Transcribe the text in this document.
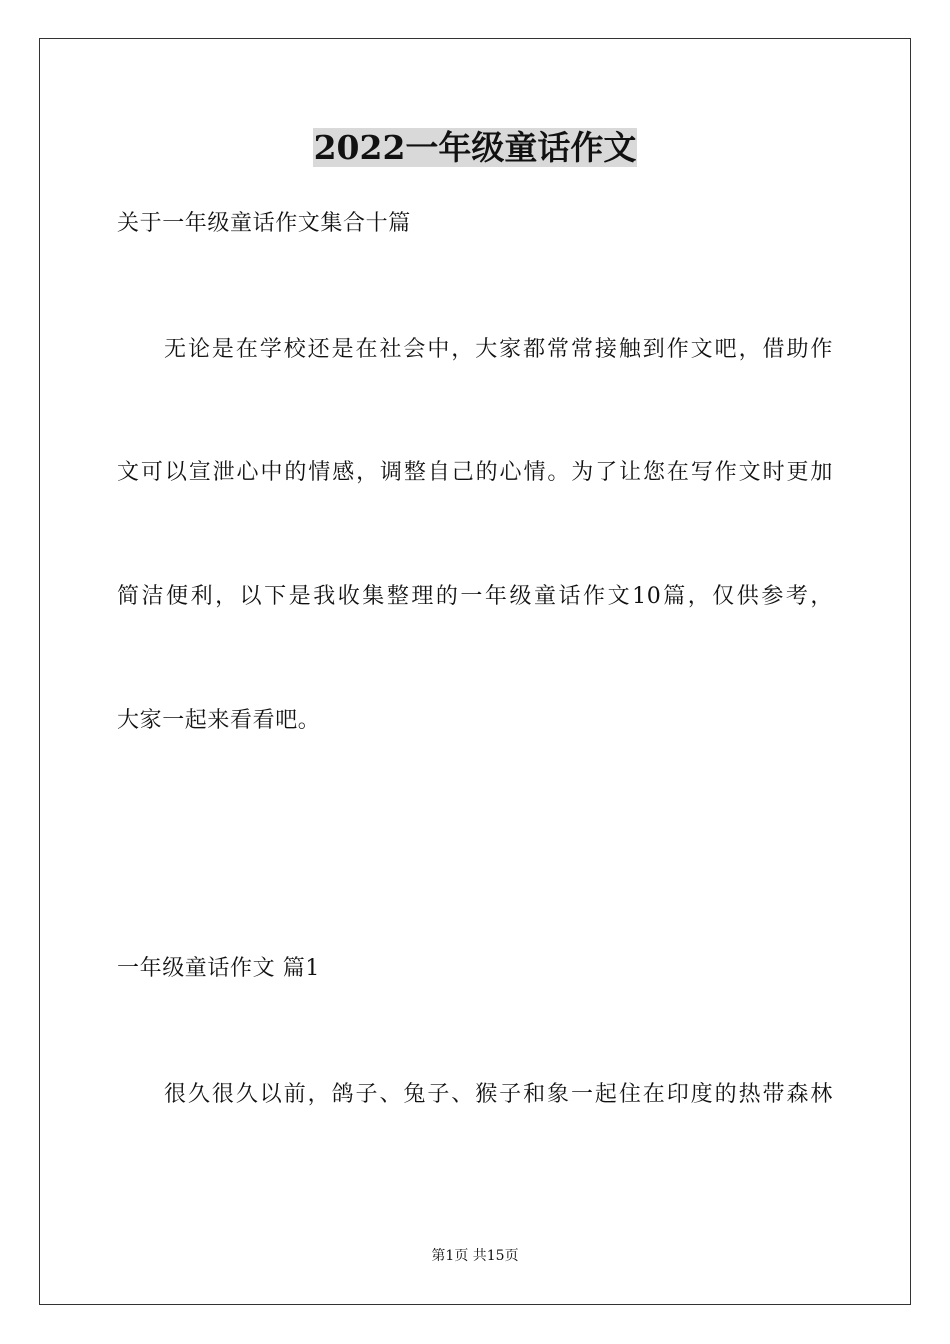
2022一年级童话作文
关于一年级童话作文集合十篇
无论是在学校还是在社会中，大家都常常接触到作文吧，借助作
文可以宣泄心中的情感，调整自己的心情。为了让您在写作文时更加
简洁便利，以下是我收集整理的一年级童话作文10篇，仅供参考，
大家一起来看看吧。
一年级童话作文 篇1
很久很久以前，鸽子、兔子、猴子和象一起住在印度的热带森林
第1页 共15页
